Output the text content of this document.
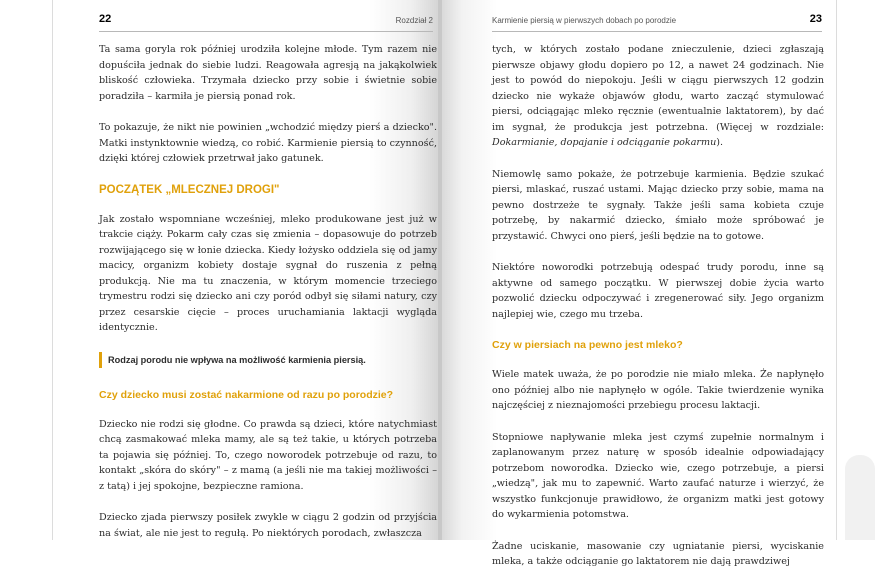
22	Rozdział 2

Ta sama goryla rok później urodziła kolejne młode. Tym razem nie dopuściła jednak do siebie ludzi. Reagowała agresją na jakąkolwiek bliskość człowieka. Trzymała dziecko przy sobie i świetnie sobie poradziła – karmiła je piersią ponad rok.

To pokazuje, że nikt nie powinien „wchodzić między pierś a dziecko". Matki instynktownie wiedzą, co robić. Karmienie piersią to czynność, dzięki której człowiek przetrwał jako gatunek.

POCZĄTEK „MLECZNEJ DROGI"

Jak zostało wspomniane wcześniej, mleko produkowane jest już w trakcie ciąży. Pokarm cały czas się zmienia – dopasowuje do potrzeb rozwijającego się w łonie dziecka. Kiedy łożysko oddziela się od jamy macicy, organizm kobiety dostaje sygnał do ruszenia z pełną produkcją. Nie ma tu znaczenia, w którym momencie trzeciego trymestru rodzi się dziecko ani czy poród odbył się siłami natury, czy przez cesarskie cięcie – proces uruchamiania laktacji wygląda identycznie.

Rodzaj porodu nie wpływa na możliwość karmienia piersią.
Czy dziecko musi zostać nakarmione od razu po porodzie?

Dziecko nie rodzi się głodne. Co prawda są dzieci, które natychmiast chcą zasmakować mleka mamy, ale są też takie, u których potrzeba ta pojawia się później. To, czego noworodek potrzebuje od razu, to kontakt „skóra do skóry" – z mamą (a jeśli nie ma takiej możliwości – z tatą) i jej spokojne, bezpieczne ramiona.

Dziecko zjada pierwszy posiłek zwykle w ciągu 2 godzin od przyjścia na świat, ale nie jest to regułą. Po niektórych porodach, zwłaszcza

Karmienie piersią w pierwszych dobach po porodzie	23

tych, w których zostało podane znieczulenie, dzieci zgłaszają pierwsze objawy głodu dopiero po 12, a nawet 24 godzinach. Nie jest to powód do niepokoju. Jeśli w ciągu pierwszych 12 godzin dziecko nie wykaże objawów głodu, warto zacząć stymulować piersi, odciągając mleko ręcznie (ewentualnie laktatorem), by dać im sygnał, że produkcja jest potrzebna. (Więcej w rozdziale: Dokarmianie, dopajanie i odciąganie pokarmu).

Niemowlę samo pokaże, że potrzebuje karmienia. Będzie szukać piersi, mlaskać, ruszać ustami. Mając dziecko przy sobie, mama na pewno dostrzeże te sygnały. Także jeśli sama kobieta czuje potrzebę, by nakarmić dziecko, śmiało może spróbować je przystawić. Chwyci ono pierś, jeśli będzie na to gotowe.

Niektóre noworodki potrzebują odespać trudy porodu, inne są aktywne od samego początku. W pierwszej dobie życia warto pozwolić dziecku odpoczywać i zregenerować siły. Jego organizm najlepiej wie, czego mu trzeba.

Czy w piersiach na pewno jest mleko?

Wiele matek uważa, że po porodzie nie miało mleka. Że napłynęło ono później albo nie napłynęło w ogóle. Takie twierdzenie wynika najczęściej z nieznajomości przebiegu procesu laktacji.

Stopniowe napływanie mleka jest czymś zupełnie normalnym i zaplanowanym przez naturę w sposób idealnie odpowiadający potrzebom noworodka. Dziecko wie, czego potrzebuje, a piersi „wiedzą", jak mu to zapewnić. Warto zaufać naturze i wierzyć, że wszystko funkcjonuje prawidłowo, że organizm matki jest gotowy do wykarmienia potomstwa.

Żadne uciskanie, masowanie czy ugniatanie piersi, wyciskanie mleka, a także odciąganie go laktatorem nie dają prawdziwej
